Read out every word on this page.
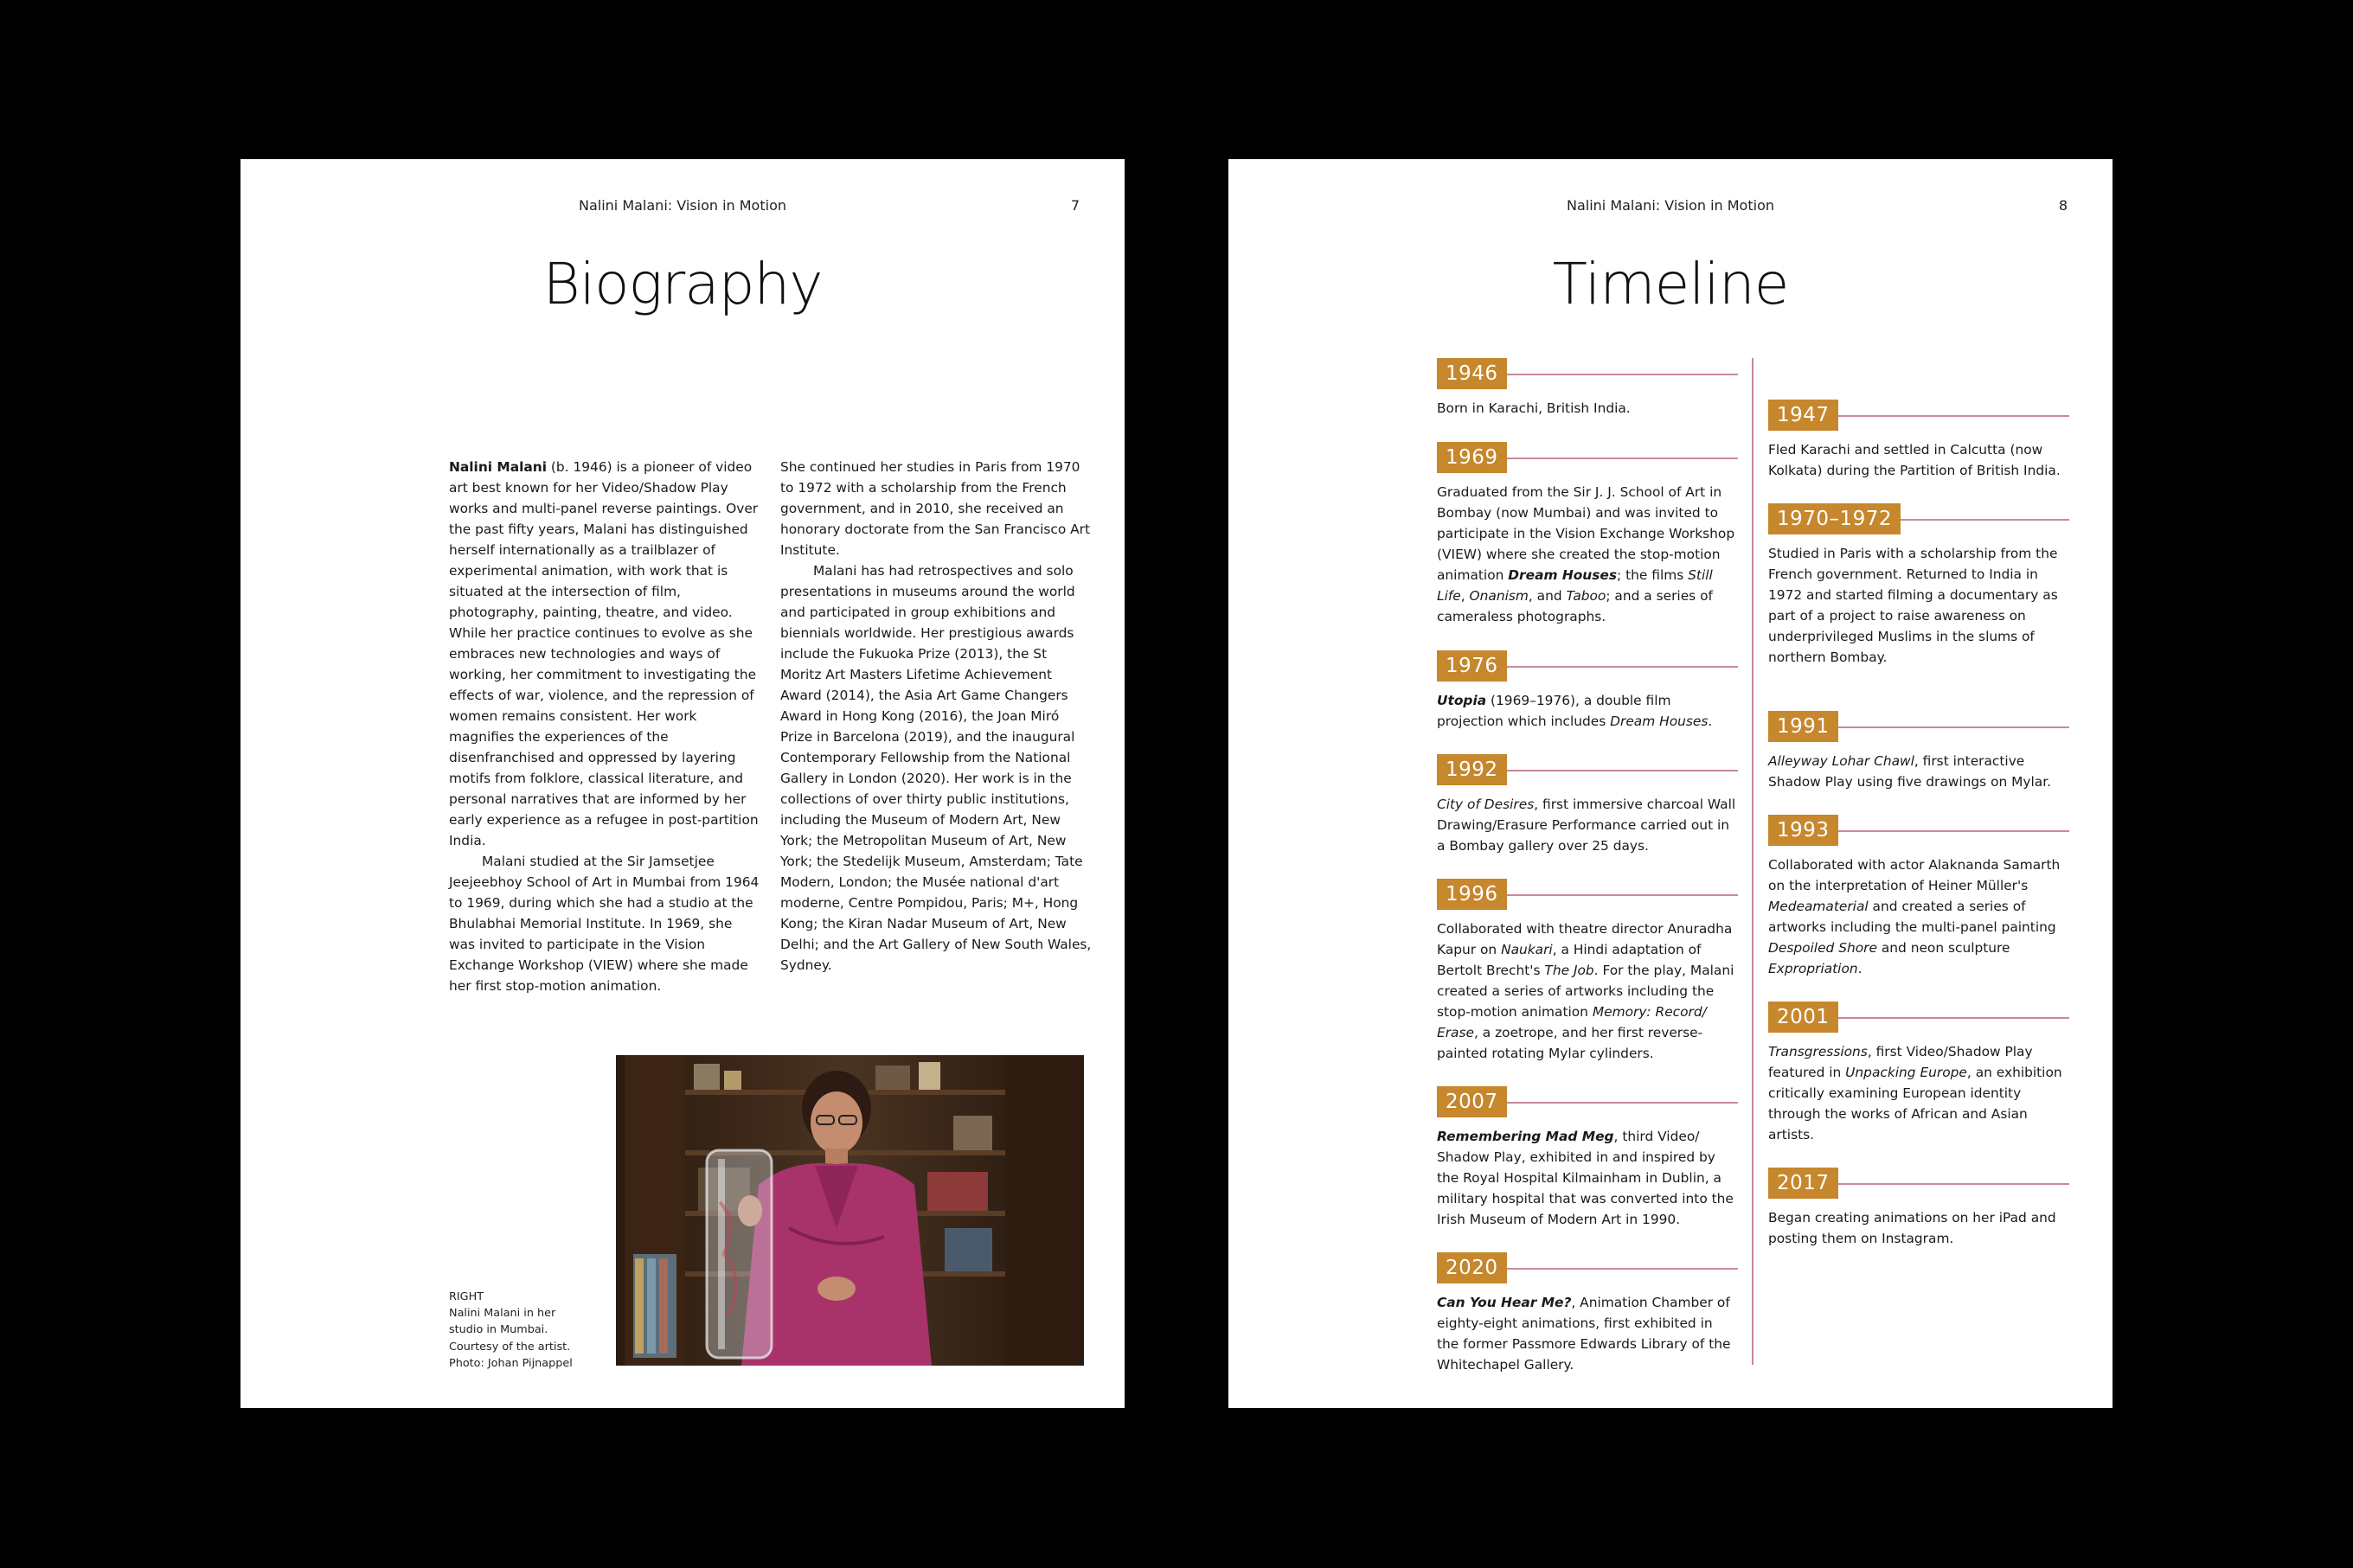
Nalini Malani: Vision in Motion	7
Biography

Nalini Malani (b. 1946) is a pioneer of video art best known for her Video/Shadow Play works and multi-panel reverse paintings. Over the past fifty years, Malani has distinguished herself internationally as a trailblazer of experimental animation, with work that is situated at the intersection of film, photography, painting, theatre, and video. While her practice continues to evolve as she embraces new technologies and ways of working, her commitment to investigating the effects of war, violence, and the repression of women remains consistent. Her work magnifies the experiences of the disenfranchised and oppressed by layering motifs from folklore, classical literature, and personal narratives that are informed by her early experience as a refugee in post-partition India.

Malani studied at the Sir Jamsetjee Jeejeebhoy School of Art in Mumbai from 1964 to 1969, during which she had a studio at the Bhulabhai Memorial Institute. In 1969, she was invited to participate in the Vision Exchange Workshop (VIEW) where she made her first stop-motion animation.

She continued her studies in Paris from 1970 to 1972 with a scholarship from the French government, and in 2010, she received an honorary doctorate from the San Francisco Art Institute.

Malani has had retrospectives and solo presentations in museums around the world and participated in group exhibitions and biennials worldwide. Her prestigious awards include the Fukuoka Prize (2013), the St Moritz Art Masters Lifetime Achievement Award (2014), the Asia Art Game Changers Award in Hong Kong (2016), the Joan Miró Prize in Barcelona (2019), and the inaugural Contemporary Fellowship from the National Gallery in London (2020). Her work is in the collections of over thirty public institutions, including the Museum of Modern Art, New York; the Metropolitan Museum of Art, New York; the Stedelijk Museum, Amsterdam; Tate Modern, London; the Musée national d'art moderne, Centre Pompidou, Paris; M+, Hong Kong; the Kiran Nadar Museum of Art, New Delhi; and the Art Gallery of New South Wales, Sydney.

RIGHT
Nalini Malani in her
studio in Mumbai.
Courtesy of the artist.
Photo: Johan Pijnappel
Nalini Malani: Vision in Motion	8
Timeline
1946
Born in Karachi, British India.
1969
Graduated from the Sir J. J. School of Art in Bombay (now Mumbai) and was invited to participate in the Vision Exchange Workshop (VIEW) where she created the stop-motion animation Dream Houses; the films Still Life, Onanism, and Taboo; and a series of cameraless photographs.
1976
Utopia (1969–1976), a double film projection which includes Dream Houses.
1992
City of Desires, first immersive charcoal Wall Drawing/Erasure Performance carried out in a Bombay gallery over 25 days.
1996
Collaborated with theatre director Anuradha Kapur on Naukari, a Hindi adaptation of Bertolt Brecht's The Job. For the play, Malani created a series of artworks including the stop-motion animation Memory: Record/ Erase, a zoetrope, and her first reverse-painted rotating Mylar cylinders.
2007
Remembering Mad Meg, third Video/ Shadow Play, exhibited in and inspired by the Royal Hospital Kilmainham in Dublin, a military hospital that was converted into the Irish Museum of Modern Art in 1990.
2020
Can You Hear Me?, Animation Chamber of eighty-eight animations, first exhibited in the former Passmore Edwards Library of the Whitechapel Gallery.
1947
Fled Karachi and settled in Calcutta (now Kolkata) during the Partition of British India.
1970–1972
Studied in Paris with a scholarship from the French government. Returned to India in 1972 and started filming a documentary as part of a project to raise awareness on underprivileged Muslims in the slums of northern Bombay.
1991
Alleyway Lohar Chawl, first interactive Shadow Play using five drawings on Mylar.
1993
Collaborated with actor Alaknanda Samarth on the interpretation of Heiner Müller's Medeamaterial and created a series of artworks including the multi-panel painting Despoiled Shore and neon sculpture Expropriation.
2001
Transgressions, first Video/Shadow Play featured in Unpacking Europe, an exhibition critically examining European identity through the works of African and Asian artists.
2017
Began creating animations on her iPad and posting them on Instagram.
